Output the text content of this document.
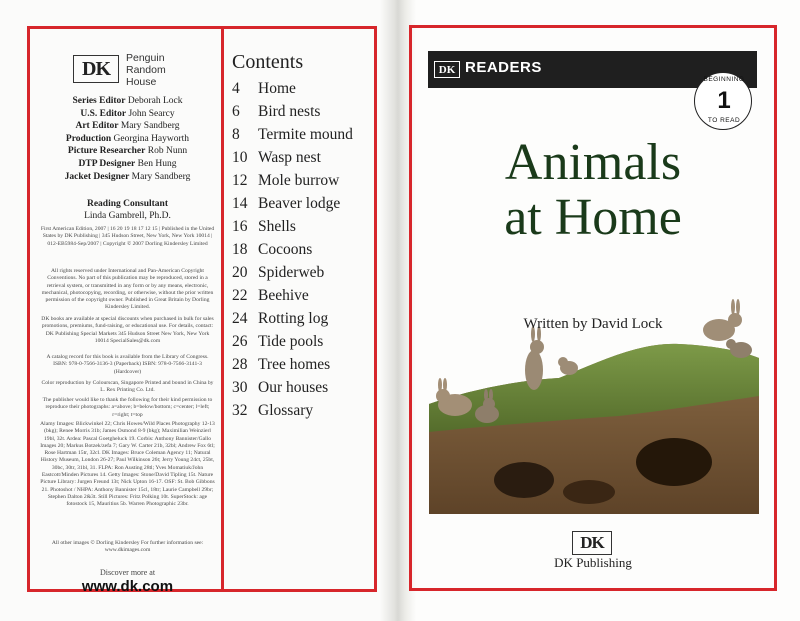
DK Penguin
Random
House
Series Editor Deborah Lock
U.S. Editor John Searcy
Art Editor Mary Sandberg
Production Georgina Hayworth
Picture Researcher Rob Nunn
DTP Designer Ben Hung
Jacket Designer Mary Sandberg
Reading Consultant
Linda Gambrell, Ph.D.
First American Edition, 2007 | 16 20 19 18 17 12 15 | Published in the United States by DK Publishing | 345 Hudson Street, New York, New York 10014 | 012-EB5984-Sep/2007 | Copyright © 2007 Dorling Kindersley Limited
All rights reserved under International and Pan-American Copyright Conventions. No part of this publication may be reproduced, stored in a retrieval system, or transmitted in any form or by any means, electronic, mechanical, photocopying, recording, or otherwise, without the prior written permission of the copyright owner. Published in Great Britain by Dorling Kindersley Limited.
DK books are available at special discounts when purchased in bulk for sales promotions, premiums, fund-raising, or educational use. For details, contact: DK Publishing Special Markets 345 Hudson Street New York, New York 10014 SpecialSales@dk.com
A catalog record for this book is available from the Library of Congress. ISBN: 978-0-7566-3136-3 (Paperback) ISBN: 978-0-7566-3141-3 (Hardcover)
Color reproduction by Colourscan, Singapore Printed and bound in China by L. Rex Printing Co. Ltd.
The publisher would like to thank the following for their kind permission to reproduce their photographs: a=above; b=below/bottom; c=center; l=left; r=right; t=top
Alamy Images: Blickwinkel 22; Chris Howes/Wild Places Photography 12-13 (bkg); Renee Morris 31b; James Osmond 8-9 (bkg); Maximilian Weinzierl 19bl, 32t. Ardea: Pascal Goetgheluck 19. Corbis: Anthony Bannister/Gallo Images 20; Markus Botzek/zefa 7; Gary W. Carter 21b, 32bl; Andrew Fox 6tl; Rose Hartman 15tr, 32cl. DK Images: Bruce Coleman Agency 11; Natural History Museum, London 26-27; Paul Wilkinson 26t; Jerry Young 24ct, 25bt, 30bc, 30tr, 31bl, 31. FLPA: Ron Austing 28tl; Yves Momatiuk/John Eastcott/Minden Pictures 14. Getty Images: Stone/David Tipling 15t. Nature Picture Library: Jurgen Freund 13t; Nick Upton 16-17. OSF: St. Bob Gibbons 21. Photoshot / NHPA: Anthony Bannister 15cl, 18tr; Laurie Campbell 29br; Stephen Dalton 2&3t. Still Pictures: Fritz Polking 10t. SuperStock: age fotostock 15, Mauritius 5b. Warren Photographic 23br.
All other images © Dorling Kindersley For further information see: www.dkimages.com
Discover more at
www.dk.com
Contents
4 Home
6 Bird nests
8 Termite mound
10 Wasp nest
12 Mole burrow
14 Beaver lodge
16 Shells
18 Cocoons
20 Spiderweb
22 Beehive
24 Rotting log
26 Tide pools
28 Tree homes
30 Our houses
32 Glossary
DK READERS
BEGINNING
1
TO READ
Animals
at Home
Written by David Lock
DK
DK Publishing
